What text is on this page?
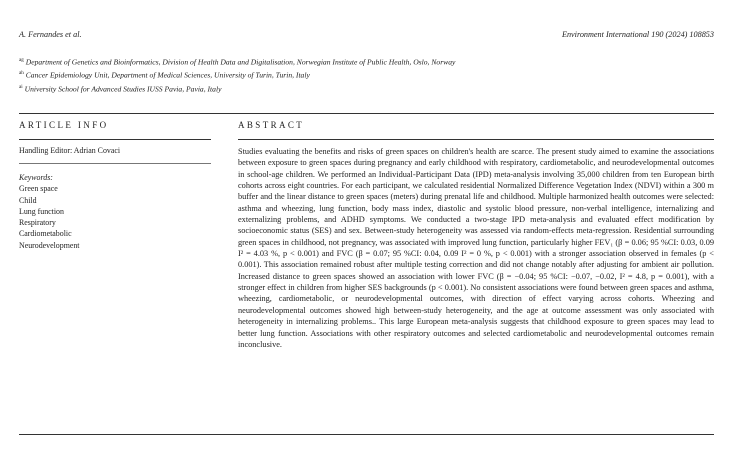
A. Fernandes et al.	Environment International 190 (2024) 108853
$^{ag}$ Department of Genetics and Bioinformatics, Division of Health Data and Digitalisation, Norwegian Institute of Public Health, Oslo, Norway
$^{ah}$ Cancer Epidemiology Unit, Department of Medical Sciences, University of Turin, Turin, Italy
$^{ai}$ University School for Advanced Studies IUSS Pavia, Pavia, Italy
ARTICLE INFO	ABSTRACT
Handling Editor: Adrian Covaci
Keywords:
Green space
Child
Lung function
Respiratory
Cardiometabolic
Neurodevelopment

Studies evaluating the benefits and risks of green spaces on children's health are scarce. The present study aimed to examine the associations between exposure to green spaces during pregnancy and early childhood with respiratory, cardiometabolic, and neurodevelopmental outcomes in school-age children. We performed an Individual-Participant Data (IPD) meta-analysis involving 35,000 children from ten European birth cohorts across eight countries. For each participant, we calculated residential Normalized Difference Vegetation Index (NDVI) within a 300 m buffer and the linear distance to green spaces (meters) during prenatal life and childhood. Multiple harmonized health outcomes were selected: asthma and wheezing, lung function, body mass index, diastolic and systolic blood pressure, non-verbal intelligence, internalizing and externalizing problems, and ADHD symptoms. We conducted a two-stage IPD meta-analysis and evaluated effect modification by socioeconomic status (SES) and sex. Between-study heterogeneity was assessed via random-effects meta-regression. Residential surrounding green spaces in childhood, not pregnancy, was associated with improved lung function, particularly higher FEV₁ (β = 0.06; 95 %CI: 0.03, 0.09 I² = 4.03 %, p < 0.001) and FVC (β = 0.07; 95 %CI: 0.04, 0.09 I² = 0 %, p < 0.001) with a stronger association observed in females (p < 0.001). This association remained robust after multiple testing correction and did not change notably after adjusting for ambient air pollution. Increased distance to green spaces showed an association with lower FVC (β = −0.04; 95 %CI: −0.07, −0.02, I² = 4.8, p = 0.001), with a stronger effect in children from higher SES backgrounds (p < 0.001). No consistent associations were found between green spaces and asthma, wheezing, cardiometabolic, or neurodevelopmental outcomes, with direction of effect varying across cohorts. Wheezing and neurodevelopmental outcomes showed high between-study heterogeneity, and the age at outcome assessment was only associated with heterogeneity in internalizing problems.. This large European meta-analysis suggests that childhood exposure to green spaces may lead to better lung function. Associations with other respiratory outcomes and selected cardiometabolic and neurodevelopmental outcomes remain inconclusive.
